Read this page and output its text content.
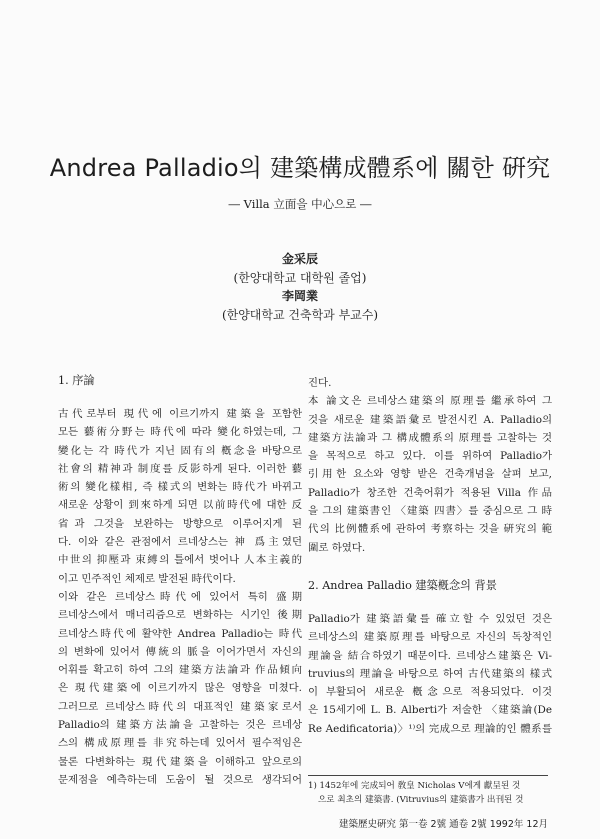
Andrea Palladio의 建築構成體系에 關한 硏究
― Villa 立面을 中心으로 ―
金采辰
(한양대학교 대학원 졸업)
李岡業
(한양대학교 건축학과 부교수)
1. 序論

古代로부터 現代에 이르기까지 建築을 포함한
모든 藝術分野는 時代에 따라 變化하였는데, 그
變化는 각 時代가 지닌 固有의 槪念을 바탕으로
社會의 精神과 制度를 反影하게 된다. 이러한 藝
術의 變化樣相, 즉 樣式의 변화는 時代가 바뀌고
새로운 상황이 到來하게 되면 以前時代에 대한 反
省과 그것을 보완하는 방향으로 이루어지게 된
다. 이와 같은 관점에서 르네상스는 神 爲主였던
中世의 抑壓과 束縛의 틀에서 벗어나 人本主義的
이고 민주적인 체제로 발전된 時代이다.

이와 같은 르네상스時代에 있어서 특히 盛期
르네상스에서 매너리즘으로 변화하는 시기인 後期
르네상스時代에 활약한 Andrea Palladio는 時代
의 변화에 있어서 傳統의 脈을 이어가면서 자신의
어휘를 확고히 하여 그의 建築方法論과 作品傾向
은 現代建築에 이르기까지 많은 영향을 미쳤다.
그러므로 르네상스時代의 대표적인 建築家로서
Palladio의 建築方法論을 고찰하는 것은 르네상
스의 構成原理를 非究하는데 있어서 필수적임은
물론 다변화하는 現代建築을 이해하고 앞으로의
문제점을 예측하는데 도움이 될 것으로 생각되어

진다.

本 論文은 르네상스建築의 原理를 繼承하여 그
것을 새로운 建築語彙로 발전시킨 A. Palladio의
建築方法論과 그 構成體系의 原理를 고찰하는 것
을 목적으로 하고 있다. 이를 위하여 Palladio가
引用한 요소와 영향 받은 건축개념을 살펴 보고,
Palladio가 창조한 건축어휘가 적용된 Villa 作品
을 그의 建築書인 〈建築 四書〉를 중심으로 그 時
代의 比例體系에 관하여 考察하는 것을 硏究의 範
圍로 하였다.

2. Andrea Palladio 建築槪念의 背景

Palladio가 建築語彙를 確立할 수 있었던 것은
르네상스의 建築原理를 바탕으로 자신의 독창적인
理論을 結合하였기 때문이다. 르네상스建築은 Vi-
truvius의 理論을 바탕으로 하여 古代建築의 樣式
이 부활되어 새로운 槪念으로 적용되었다. 이것
은 15세기에 L. B. Alberti가 저술한 〈建築論(De
Re Aedificatoria)〉¹⁾의 完成으로 理論的인 體系를

1) 1452年에 完成되어 敎皇 Nicholas V에게 獻呈된 것
으로 최초의 建築書. (Vitruvius의 建築書가 出刊된 것
建築歷史硏究 第一卷 2號 通卷 2號 1992年 12月
